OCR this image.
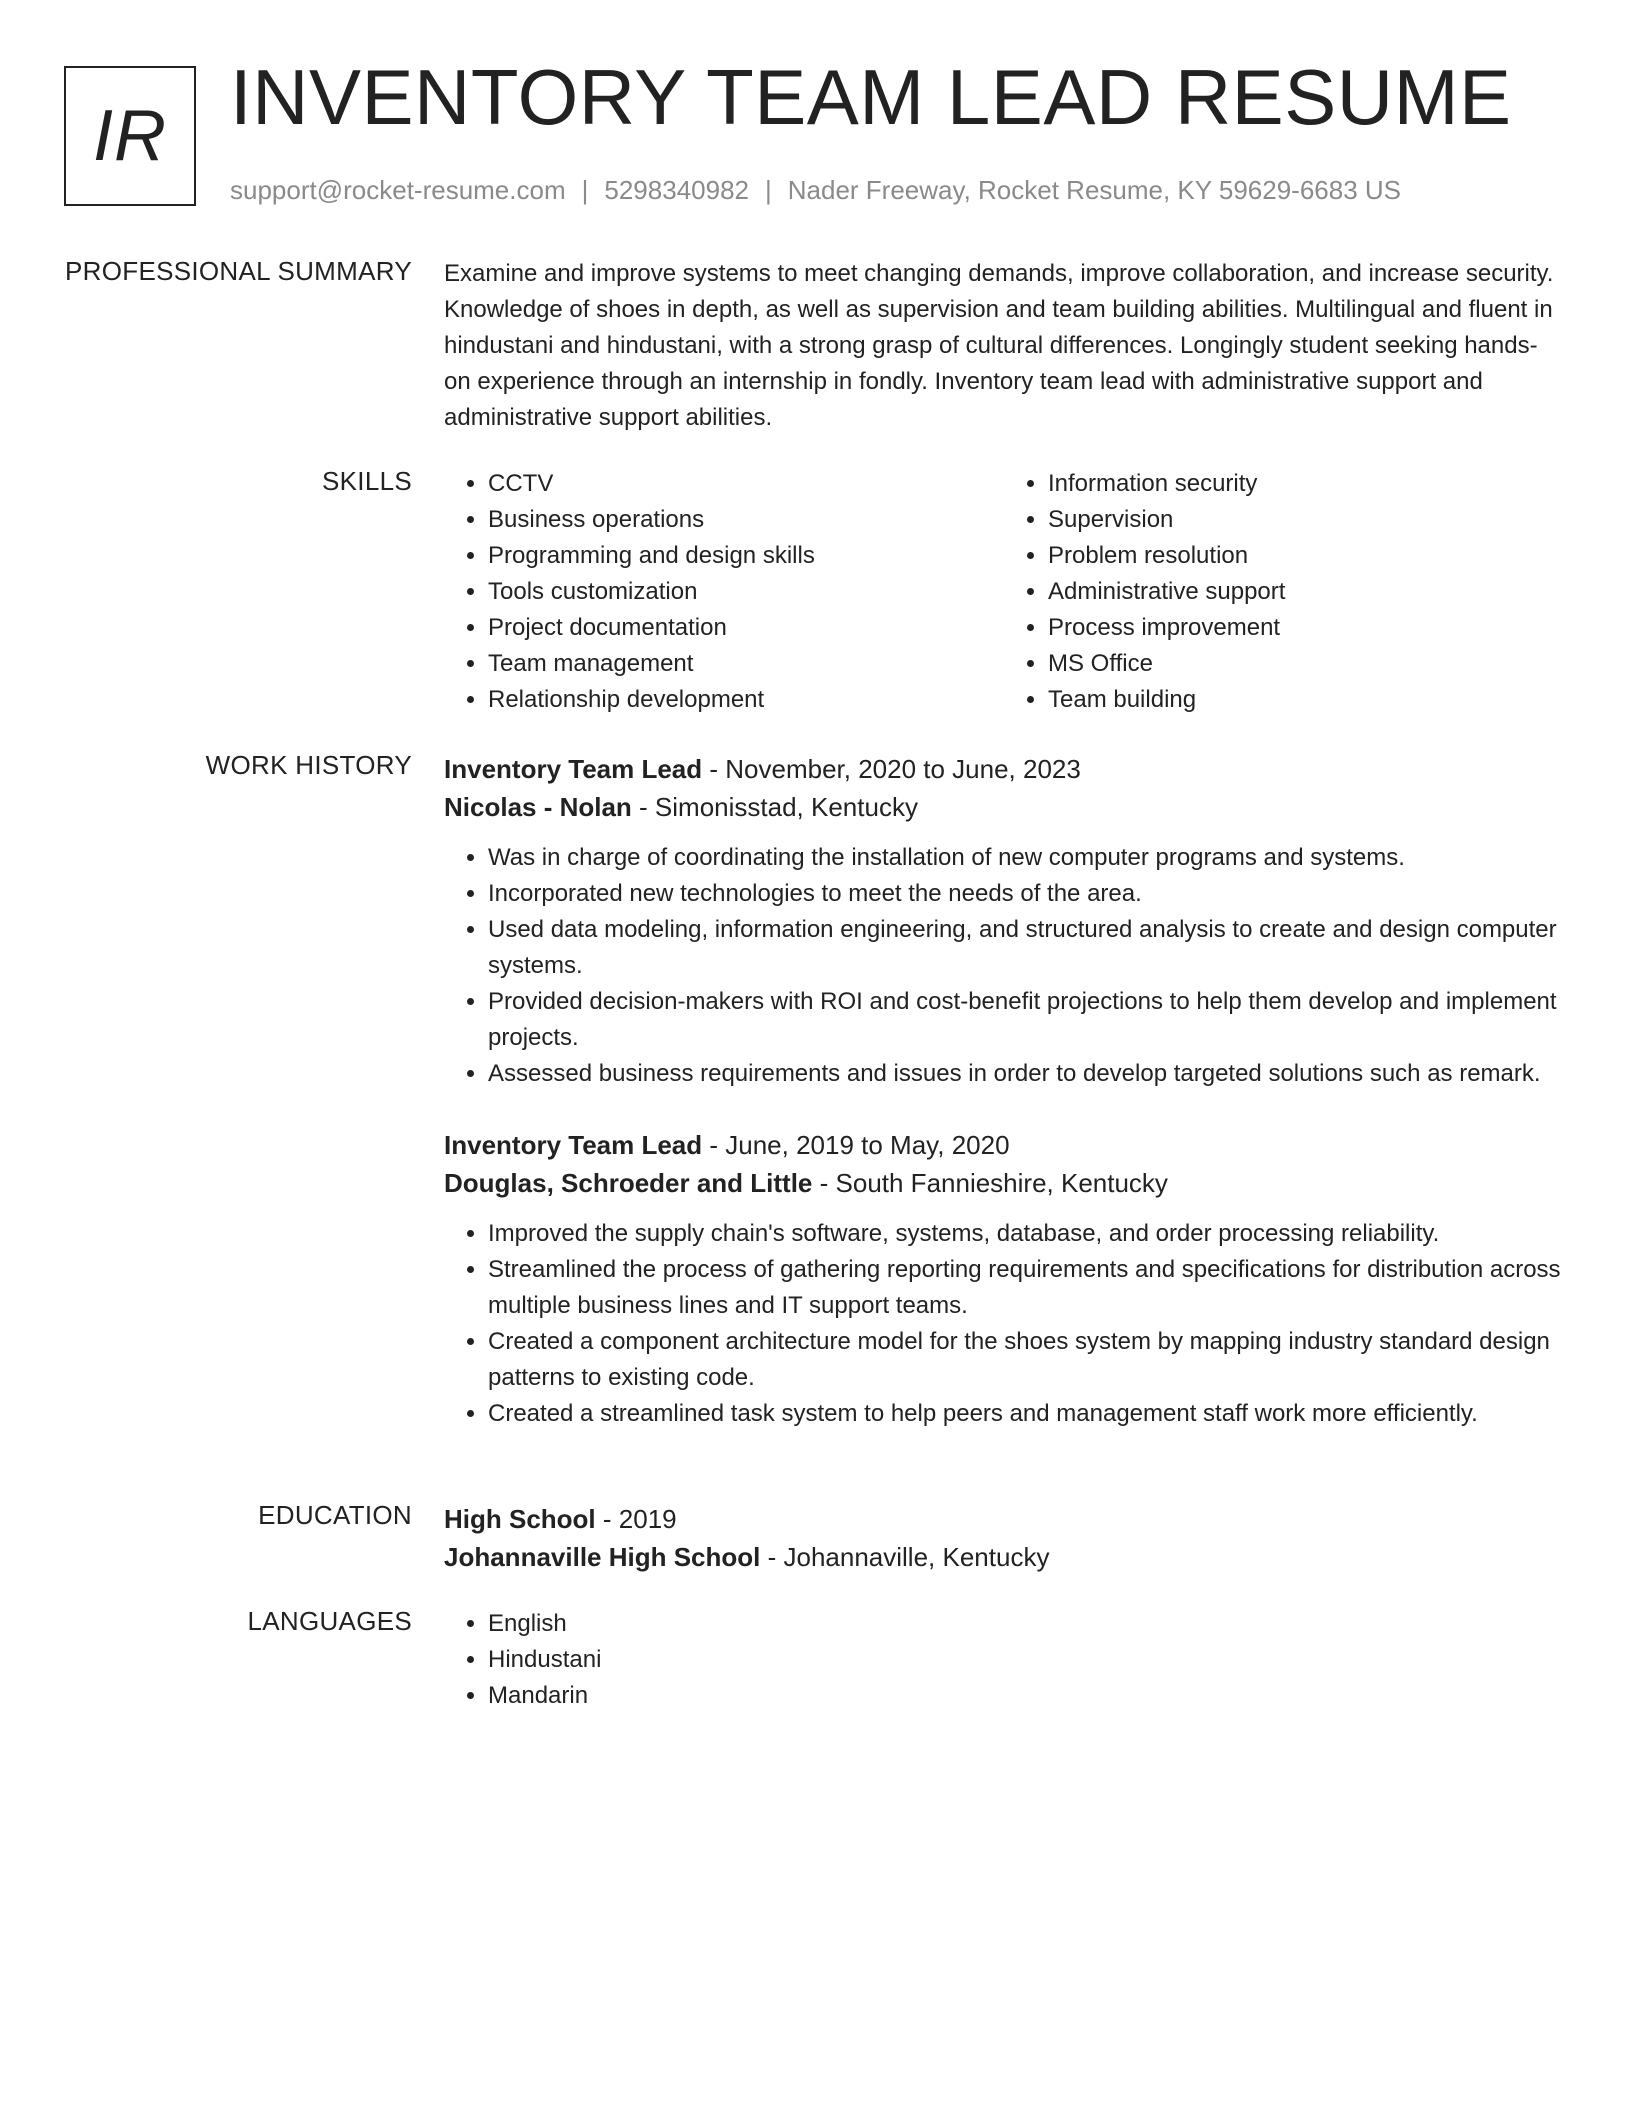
IR INVENTORY TEAM LEAD RESUME
support@rocket-resume.com | 5298340982 | Nader Freeway, Rocket Resume, KY 59629-6683 US
PROFESSIONAL SUMMARY Examine and improve systems to meet changing demands, improve collaboration, and increase security. Knowledge of shoes in depth, as well as supervision and team building abilities. Multilingual and fluent in hindustani and hindustani, with a strong grasp of cultural differences. Longingly student seeking hands-on experience through an internship in fondly. Inventory team lead with administrative support and administrative support abilities.

SKILLS	• CCTV
• Business operations
• Programming and design skills
• Tools customization
• Project documentation
• Team management
• Relationship development
• Information security
• Supervision
• Problem resolution
• Administrative support
• Process improvement
• MS Office
• Team building
WORK HISTORY Inventory Team Lead - November, 2020 to June, 2023
Nicolas - Nolan - Simonisstad, Kentucky
• Was in charge of coordinating the installation of new computer programs and systems.
• Incorporated new technologies to meet the needs of the area.
• Used data modeling, information engineering, and structured analysis to create and design computer systems.
• Provided decision-makers with ROI and cost-benefit projections to help them develop and implement projects.
• Assessed business requirements and issues in order to develop targeted solutions such as remark.
Inventory Team Lead - June, 2019 to May, 2020
Douglas, Schroeder and Little - South Fannieshire, Kentucky
• Improved the supply chain's software, systems, database, and order processing reliability.
• Streamlined the process of gathering reporting requirements and specifications for distribution across multiple business lines and IT support teams.
• Created a component architecture model for the shoes system by mapping industry standard design patterns to existing code.
• Created a streamlined task system to help peers and management staff work more efficiently.
EDUCATION High School - 2019
Johannaville High School - Johannaville, Kentucky
LANGUAGES	• English
• Hindustani
• Mandarin
